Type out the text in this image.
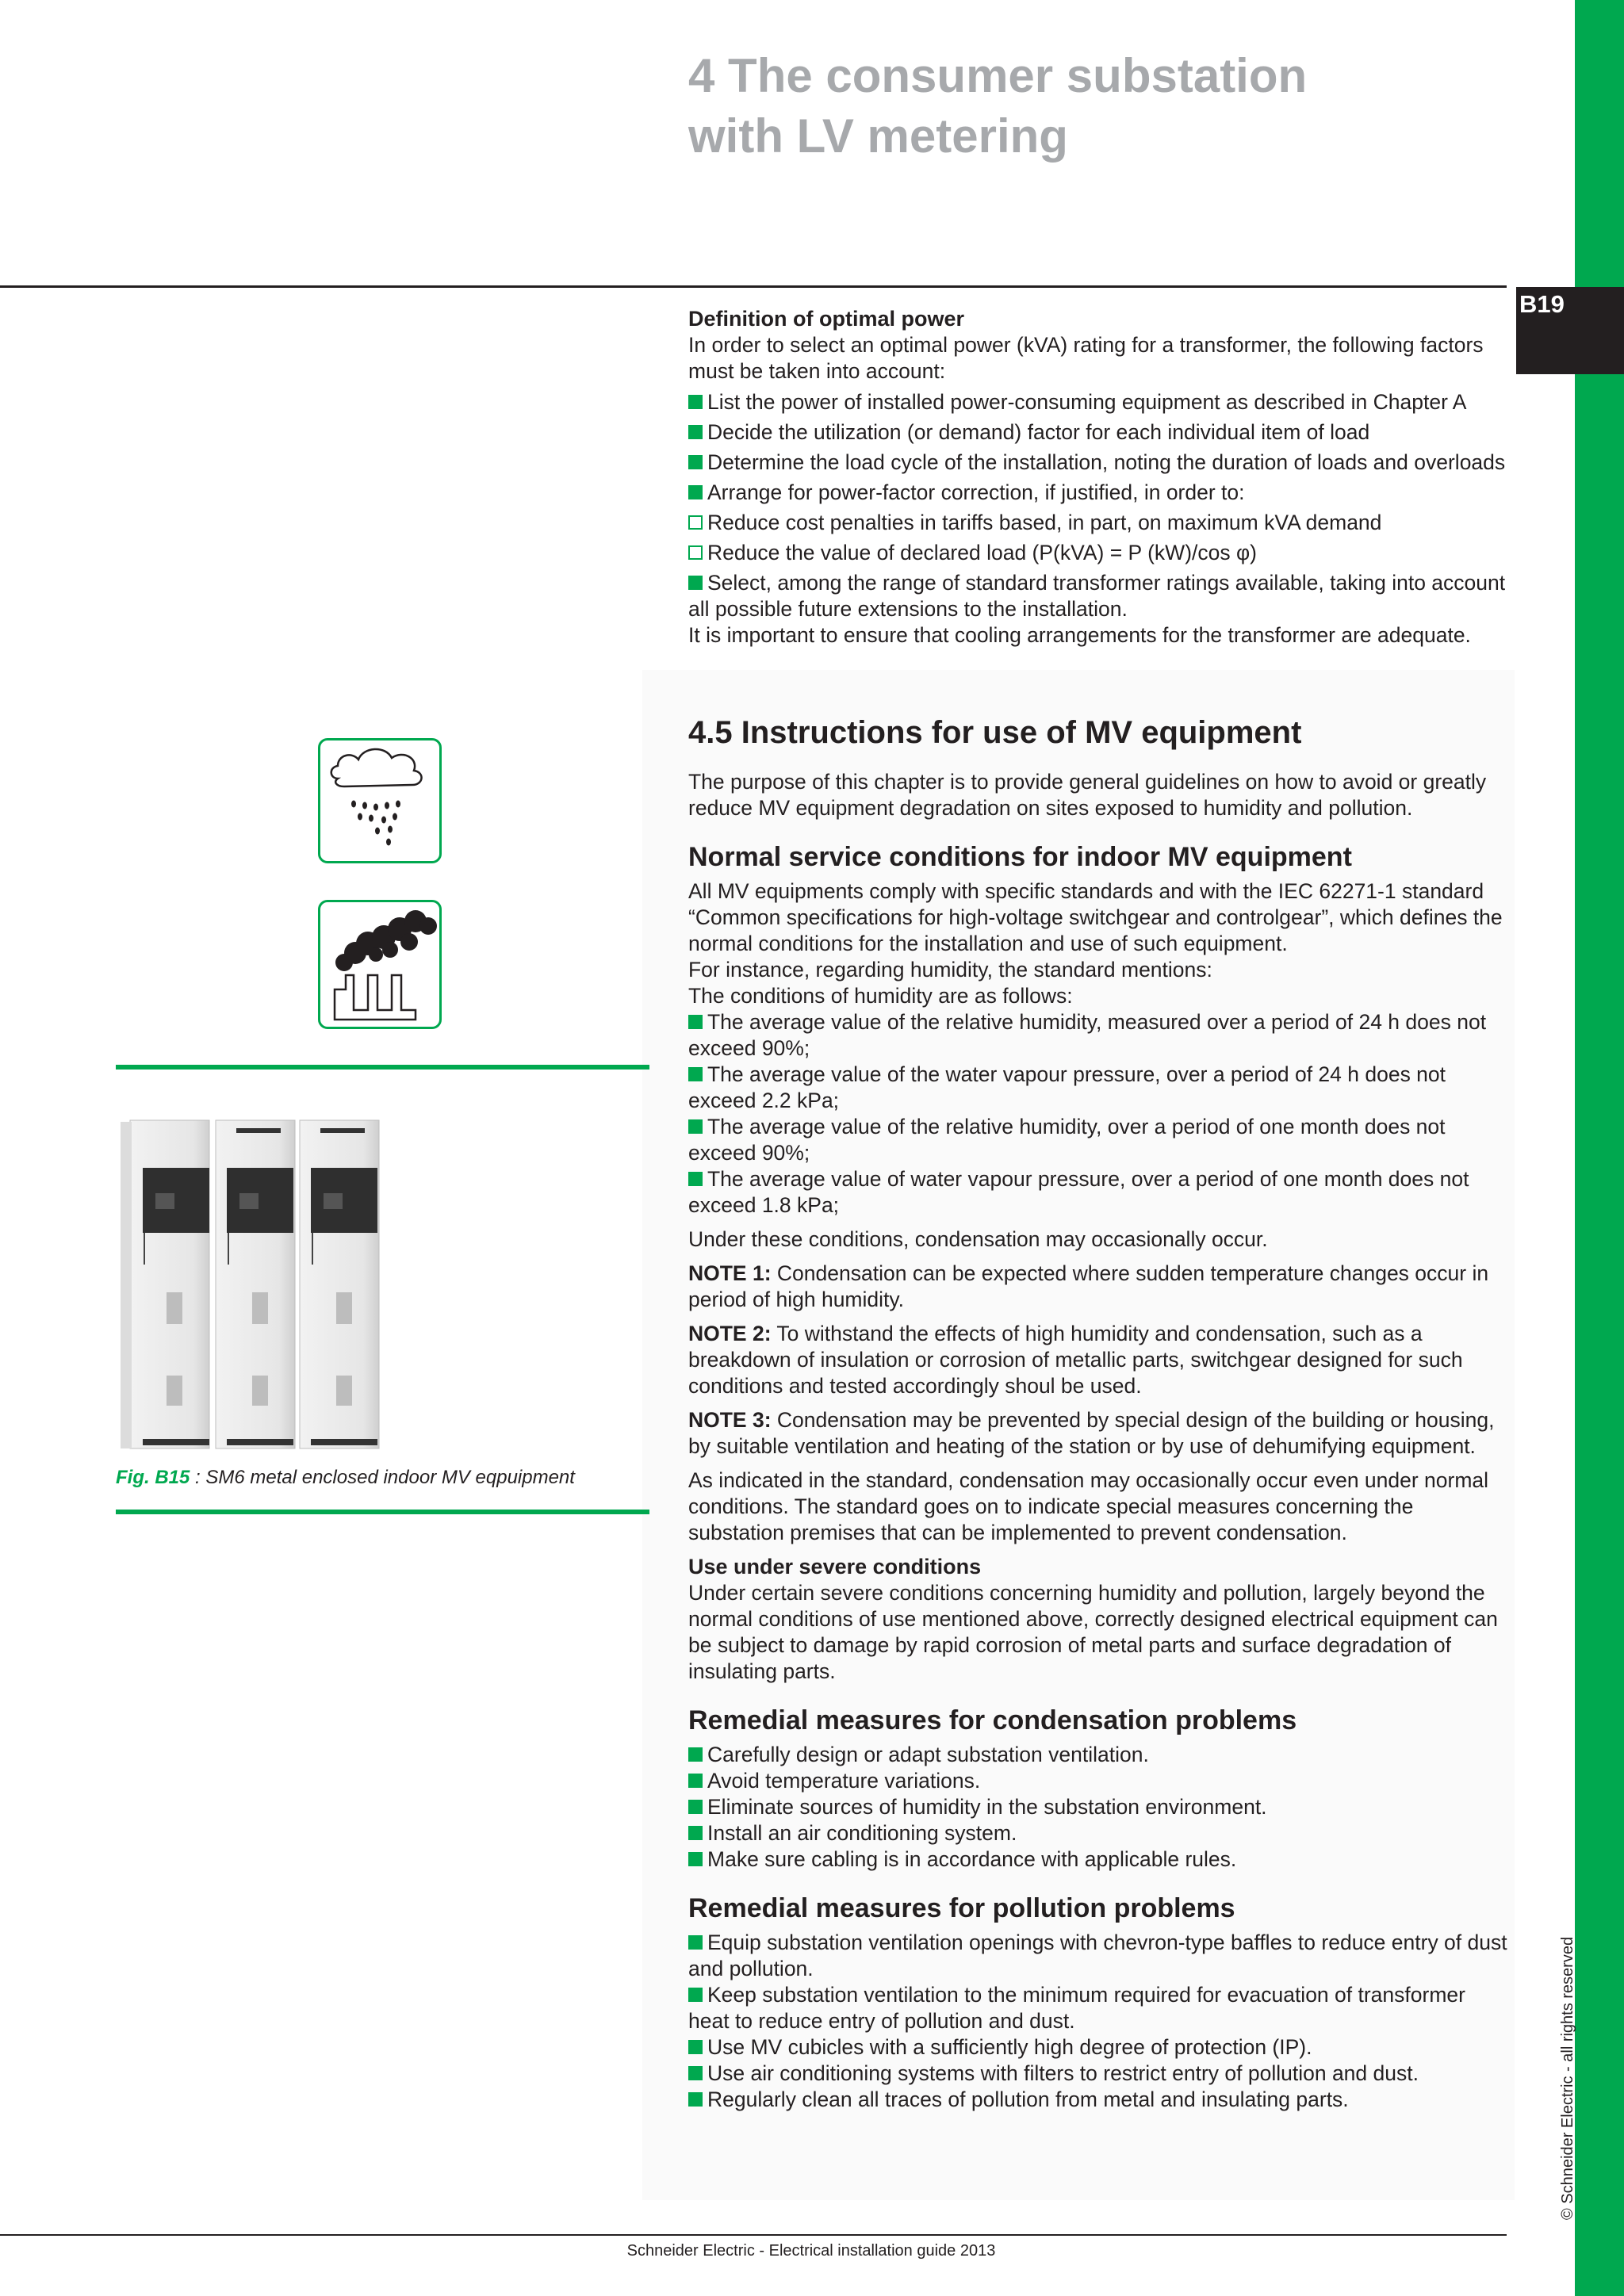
B19
© Schneider Electric - all rights reserved
4 The consumer substation
with LV metering

Definition of optimal power

In order to select an optimal power (kVA) rating for a transformer, the following factors must be taken into account:

List the power of installed power-consuming equipment as described in Chapter A
Decide the utilization (or demand) factor for each individual item of load
Determine the load cycle of the installation, noting the duration of loads and overloads
Arrange for power-factor correction, if justified, in order to:
Reduce cost penalties in tariffs based, in part, on maximum kVA demand
Reduce the value of declared load (P(kVA) = P (kW)/cos φ)
Select, among the range of standard transformer ratings available, taking into account all possible future extensions to the installation.

It is important to ensure that cooling arrangements for the transformer are adequate.

4.5 Instructions for use of MV equipment

The purpose of this chapter is to provide general guidelines on how to avoid or greatly reduce MV equipment degradation on sites exposed to humidity and pollution.

Normal service conditions for indoor MV equipment

All MV equipments comply with specific standards and with the IEC 62271-1 standard “Common specifications for high-voltage switchgear and controlgear”, which defines the normal conditions for the installation and use of such equipment.

For instance, regarding humidity, the standard mentions:

The conditions of humidity are as follows:

The average value of the relative humidity, measured over a period of 24 h does not exceed 90%;
The average value of the water vapour pressure, over a period of 24 h does not exceed 2.2 kPa;
The average value of the relative humidity, over a period of one month does not exceed 90%;
The average value of water vapour pressure, over a period of one month does not exceed 1.8 kPa;

Under these conditions, condensation may occasionally occur.

NOTE 1: Condensation can be expected where sudden temperature changes occur in period of high humidity.

NOTE 2: To withstand the effects of high humidity and condensation, such as a breakdown of insulation or corrosion of metallic parts, switchgear designed for such conditions and tested accordingly shoul be used.

NOTE 3: Condensation may be prevented by special design of the building or housing, by suitable ventilation and heating of the station or by use of dehumifying equipment.

As indicated in the standard, condensation may occasionally occur even under normal conditions. The standard goes on to indicate special measures concerning the substation premises that can be implemented to prevent condensation.

Use under severe conditions

Under certain severe conditions concerning humidity and pollution, largely beyond the normal conditions of use mentioned above, correctly designed electrical equipment can be subject to damage by rapid corrosion of metal parts and surface degradation of insulating parts.

Remedial measures for condensation problems
Carefully design or adapt substation ventilation.
Avoid temperature variations.
Eliminate sources of humidity in the substation environment.
Install an air conditioning system.
Make sure cabling is in accordance with applicable rules.
Remedial measures for pollution problems
Equip substation ventilation openings with chevron-type baffles to reduce entry of dust and pollution.
Keep substation ventilation to the minimum required for evacuation of transformer heat to reduce entry of pollution and dust.
Use MV cubicles with a sufficiently high degree of protection (IP).
Use air conditioning systems with filters to restrict entry of pollution and dust.
Regularly clean all traces of pollution from metal and insulating parts.
Fig. B15 : SM6 metal enclosed indoor MV eqpuipment
Schneider Electric - Electrical installation guide 2013
